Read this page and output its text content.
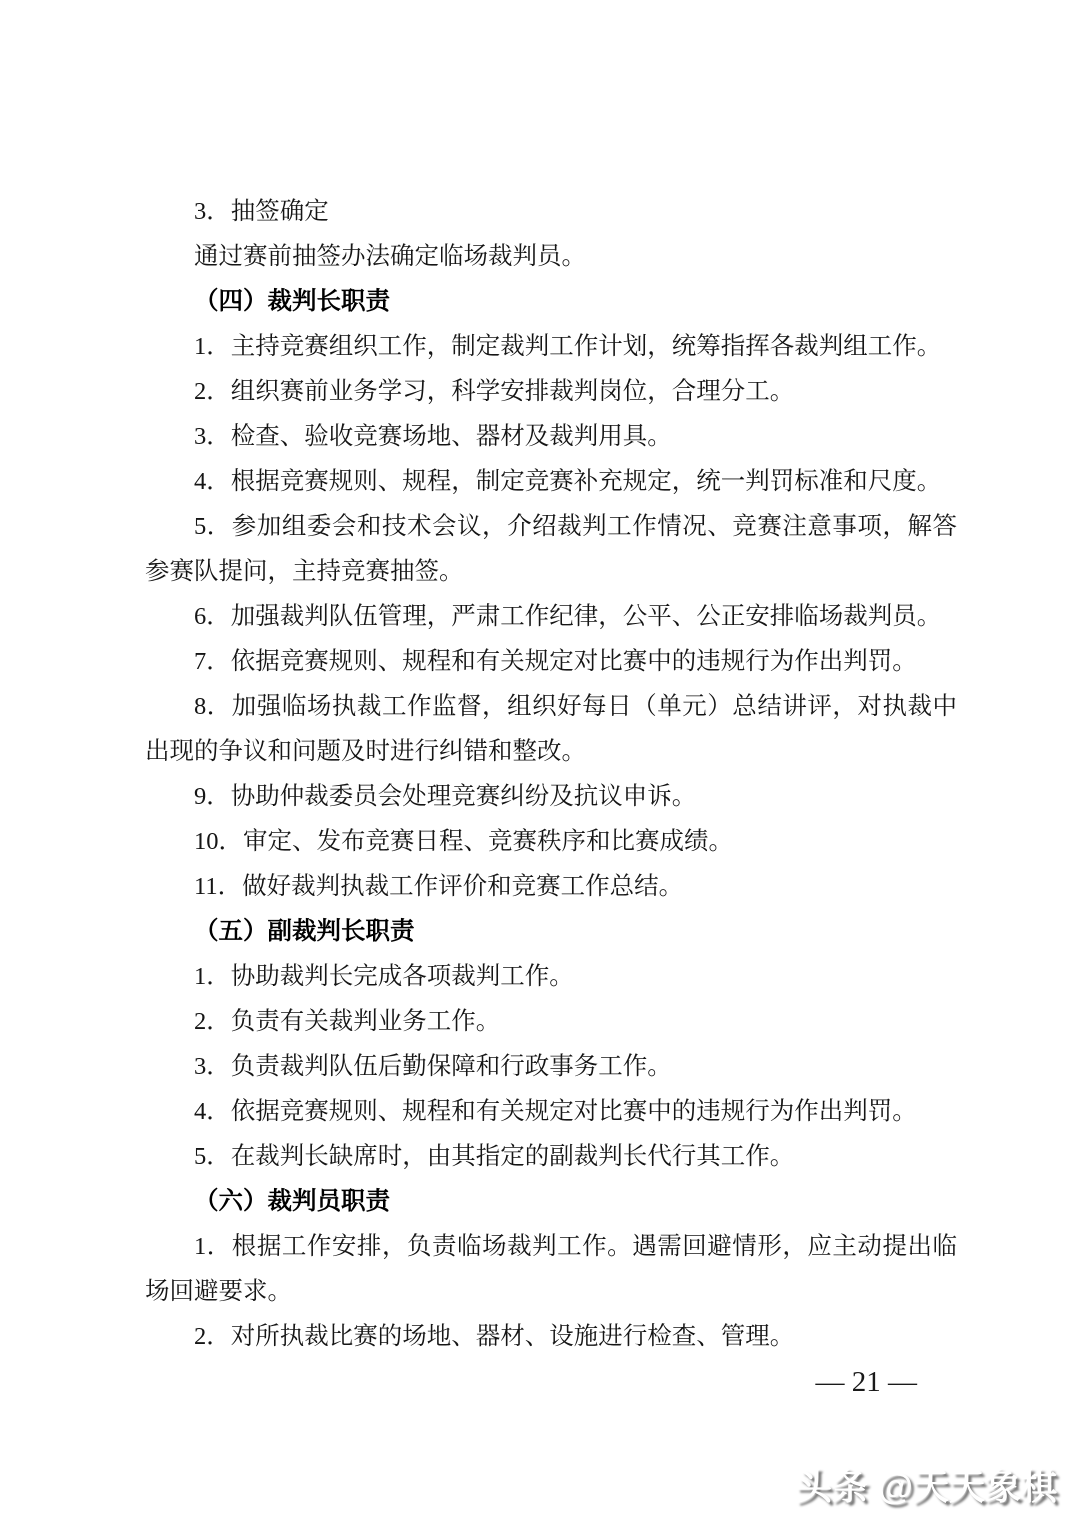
3．抽签确定

通过赛前抽签办法确定临场裁判员。

（四）裁判长职责

1．主持竞赛组织工作，制定裁判工作计划，统筹指挥各裁判组工作。

2．组织赛前业务学习，科学安排裁判岗位，合理分工。

3．检查、验收竞赛场地、器材及裁判用具。

4．根据竞赛规则、规程，制定竞赛补充规定，统一判罚标准和尺度。

5．参加组委会和技术会议，介绍裁判工作情况、竞赛注意事项，解答参赛队提问，主持竞赛抽签。

6．加强裁判队伍管理，严肃工作纪律，公平、公正安排临场裁判员。

7．依据竞赛规则、规程和有关规定对比赛中的违规行为作出判罚。

8．加强临场执裁工作监督，组织好每日（单元）总结讲评，对执裁中出现的争议和问题及时进行纠错和整改。

9．协助仲裁委员会处理竞赛纠纷及抗议申诉。

10．审定、发布竞赛日程、竞赛秩序和比赛成绩。

11．做好裁判执裁工作评价和竞赛工作总结。

（五）副裁判长职责

1．协助裁判长完成各项裁判工作。

2．负责有关裁判业务工作。

3．负责裁判队伍后勤保障和行政事务工作。

4．依据竞赛规则、规程和有关规定对比赛中的违规行为作出判罚。

5．在裁判长缺席时，由其指定的副裁判长代行其工作。

（六）裁判员职责

1．根据工作安排，负责临场裁判工作。遇需回避情形，应主动提出临场回避要求。

2．对所执裁比赛的场地、器材、设施进行检查、管理。

— 21 —
头条 @天天象棋
